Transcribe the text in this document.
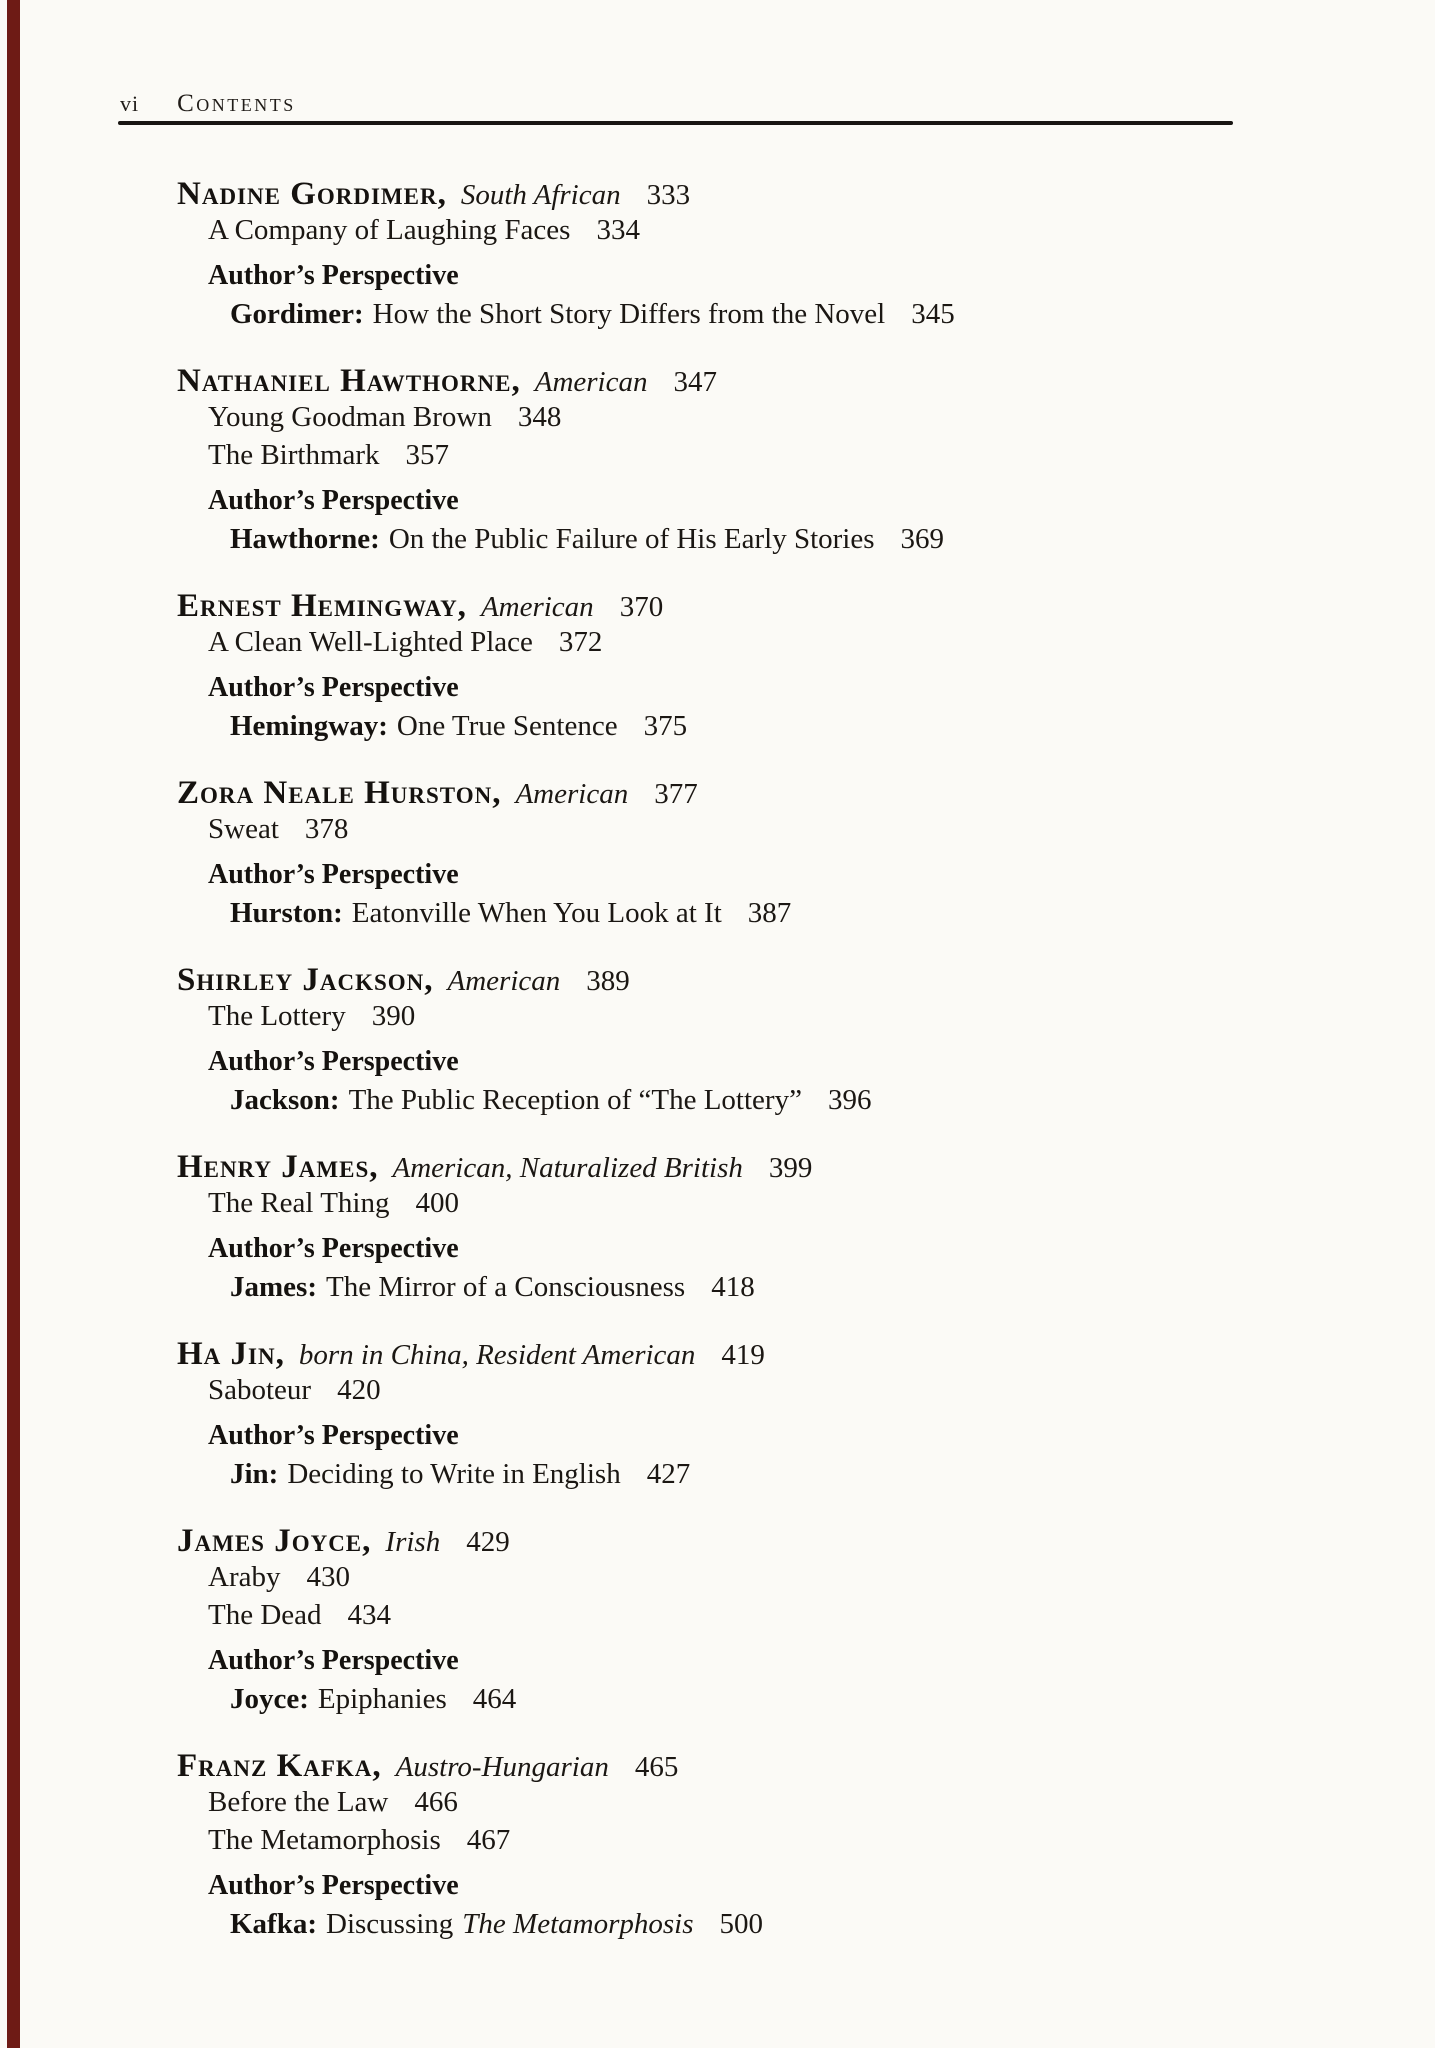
vi Contents
Nadine Gordimer, South African 333
A Company of Laughing Faces 334
Author’s Perspective
Gordimer: How the Short Story Differs from the Novel 345
Nathaniel Hawthorne, American 347
Young Goodman Brown 348
The Birthmark 357
Author’s Perspective
Hawthorne: On the Public Failure of His Early Stories 369
Ernest Hemingway, American 370
A Clean Well-Lighted Place 372
Author’s Perspective
Hemingway: One True Sentence 375
Zora Neale Hurston, American 377
Sweat 378
Author’s Perspective
Hurston: Eatonville When You Look at It 387
Shirley Jackson, American 389
The Lottery 390
Author’s Perspective
Jackson: The Public Reception of “The Lottery” 396
Henry James, American, Naturalized British 399
The Real Thing 400
Author’s Perspective
James: The Mirror of a Consciousness 418
Ha Jin, born in China, Resident American 419
Saboteur 420
Author’s Perspective
Jin: Deciding to Write in English 427
James Joyce, Irish 429
Araby 430
The Dead 434
Author’s Perspective
Joyce: Epiphanies 464
Franz Kafka, Austro-Hungarian 465
Before the Law 466
The Metamorphosis 467
Author’s Perspective
Kafka: Discussing The Metamorphosis 500
